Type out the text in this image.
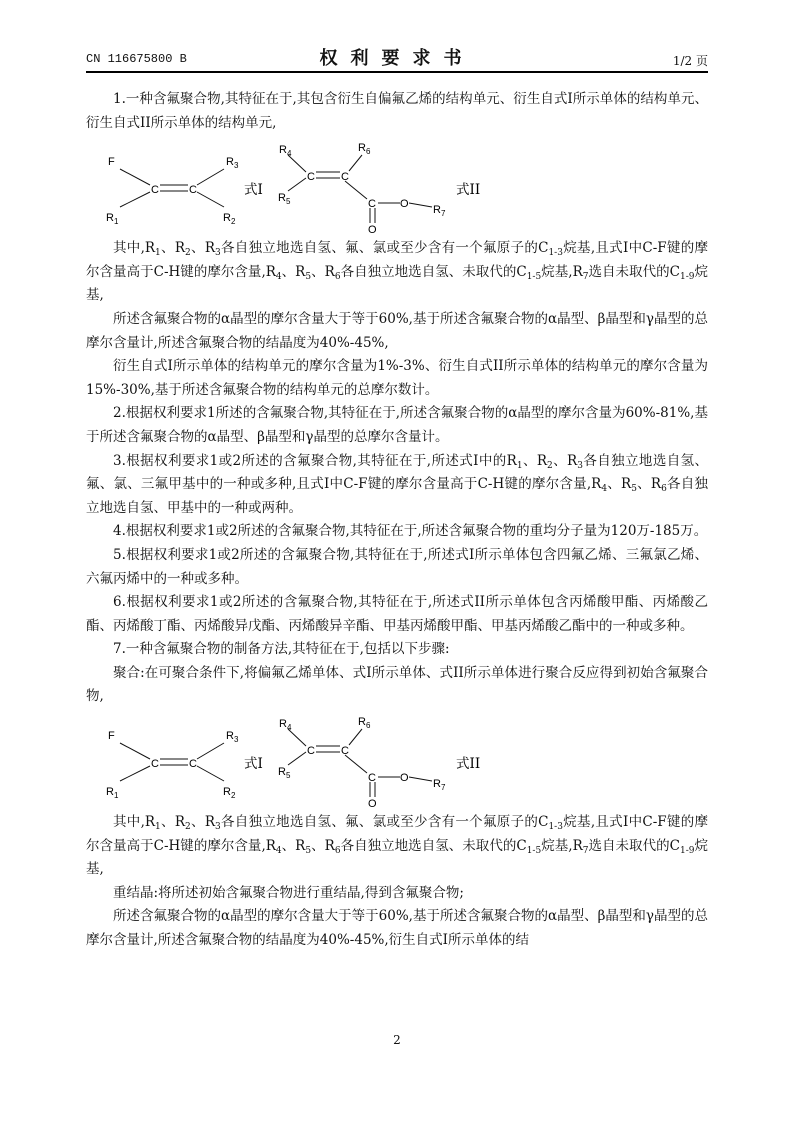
CN 116675800 B	权利要求书	1/2 页

1.一种含氟聚合物,其特征在于,其包含衍生自偏氟乙烯的结构单元、衍生自式I所示单体的结构单元、衍生自式II所示单体的结构单元,

F
$R_1$
C	C
$R_3$
$R_2$
式I
$R_4$
$R_5$
C C
$R_6$
C O
O
$R_7$
式II

其中$,R_1$、$R_2$、$R_3$各自独立地选自氢、氟、氯或至少含有一个氟原子的$C_{1-3}$烷基,且式I中C-F键的摩尔含量高于C-H键的摩尔含量$,R_4$、$R_5$、$R_6$各自独立地选自氢、未取代的$C_{1-5}$烷基$,R_7$选自未取代的$C_{1-9}$烷基,

所述含氟聚合物的α晶型的摩尔含量大于等于60%,基于所述含氟聚合物的α晶型、β晶型和γ晶型的总摩尔含量计,所述含氟聚合物的结晶度为40%-45%,

衍生自式I所示单体的结构单元的摩尔含量为1%-3%、衍生自式II所示单体的结构单元的摩尔含量为15%-30%,基于所述含氟聚合物的结构单元的总摩尔数计。

2.根据权利要求1所述的含氟聚合物,其特征在于,所述含氟聚合物的α晶型的摩尔含量为60%-81%,基于所述含氟聚合物的α晶型、β晶型和γ晶型的总摩尔含量计。

3.根据权利要求1或2所述的含氟聚合物,其特征在于,所述式I中的$R_1$、$R_2$、$R_3$各自独立地选自氢、氟、氯、三氟甲基中的一种或多种,且式I中C-F键的摩尔含量高于C-H键的摩尔含量$,R_4$、$R_5$、$R_6$各自独立地选自氢、甲基中的一种或两种。

4.根据权利要求1或2所述的含氟聚合物,其特征在于,所述含氟聚合物的重均分子量为120万-185万。

5.根据权利要求1或2所述的含氟聚合物,其特征在于,所述式I所示单体包含四氟乙烯、三氟氯乙烯、六氟丙烯中的一种或多种。

6.根据权利要求1或2所述的含氟聚合物,其特征在于,所述式II所示单体包含丙烯酸甲酯、丙烯酸乙酯、丙烯酸丁酯、丙烯酸异戊酯、丙烯酸异辛酯、甲基丙烯酸甲酯、甲基丙烯酸乙酯中的一种或多种。

7.一种含氟聚合物的制备方法,其特征在于,包括以下步骤:

聚合:在可聚合条件下,将偏氟乙烯单体、式I所示单体、式II所示单体进行聚合反应得到初始含氟聚合物,

F
$R_1$
C	C
$R_3$
$R_2$
式I
$R_4$
$R_5$
C C
$R_6$
C O
O
$R_7$
式II

其中$,R_1$、$R_2$、$R_3$各自独立地选自氢、氟、氯或至少含有一个氟原子的$C_{1-3}$烷基,且式I中C-F键的摩尔含量高于C-H键的摩尔含量$,R_4$、$R_5$、$R_6$各自独立地选自氢、未取代的$C_{1-5}$烷基$,R_7$选自未取代的$C_{1-9}$烷基,

重结晶:将所述初始含氟聚合物进行重结晶,得到含氟聚合物;

所述含氟聚合物的α晶型的摩尔含量大于等于60%,基于所述含氟聚合物的α晶型、β晶型和γ晶型的总摩尔含量计,所述含氟聚合物的结晶度为40%-45%,衍生自式I所示单体的结

2
